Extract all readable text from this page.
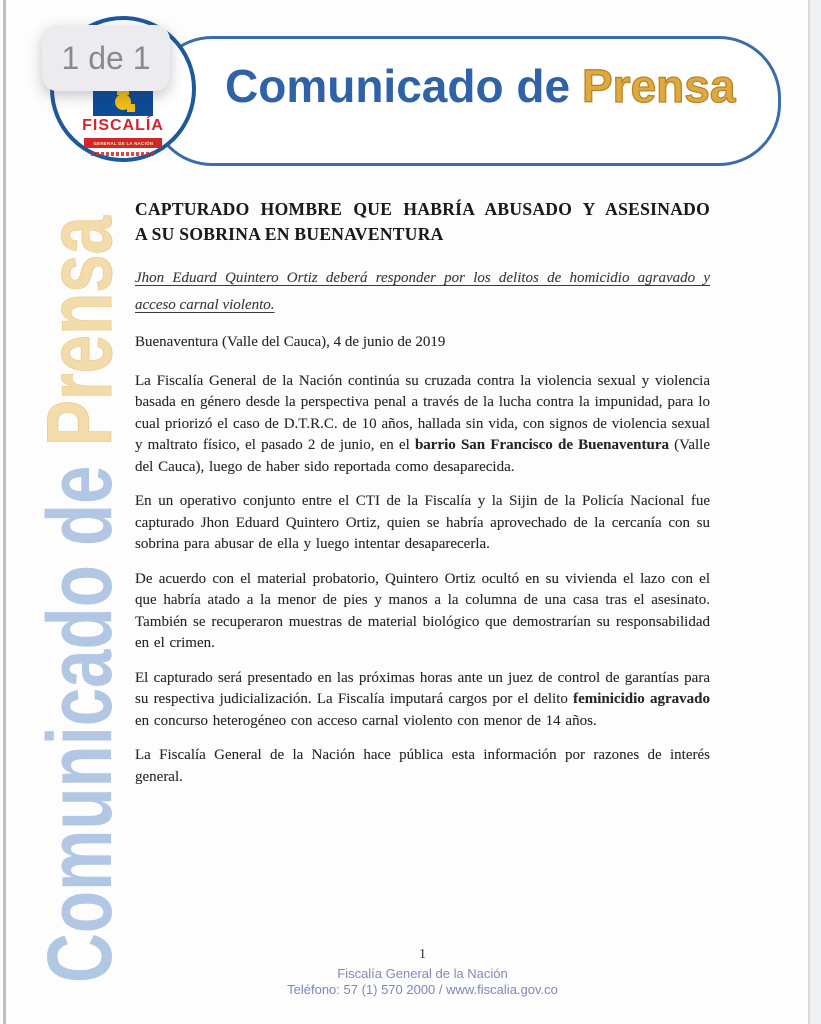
Comunicado dePrensa
Comunicado de Prensa
FISCALÍA
GENERAL DE LA NACIÓN
1 de 1
CAPTURADO HOMBRE QUE HABRÍA ABUSADO Y ASESINADO
A SU SOBRINA EN BUENAVENTURA
Jhon Eduard Quintero Ortiz deberá responder por los delitos de homicidio agravado y
acceso carnal violento.

Buenaventura (Valle del Cauca), 4 de junio de 2019

La Fiscalía General de la Nación continúa su cruzada contra la violencia sexual y violencia basada en género desde la perspectiva penal a través de la lucha contra la impunidad, para lo cual priorizó el caso de D.T.R.C. de 10 años, hallada sin vida, con signos de violencia sexual y maltrato físico, el pasado 2 de junio, en el barrio San Francisco de Buenaventura (Valle del Cauca), luego de haber sido reportada como desaparecida.

En un operativo conjunto entre el CTI de la Fiscalía y la Sijin de la Policía Nacional fue capturado Jhon Eduard Quintero Ortiz, quien se habría aprovechado de la cercanía con su sobrina para abusar de ella y luego intentar desaparecerla.

De acuerdo con el material probatorio, Quintero Ortiz ocultó en su vivienda el lazo con el que habría atado a la menor de pies y manos a la columna de una casa tras el asesinato. También se recuperaron muestras de material biológico que demostrarían su responsabilidad en el crimen.

El capturado será presentado en las próximas horas ante un juez de control de garantías para su respectiva judicialización. La Fiscalía imputará cargos por el delito feminicidio agravado en concurso heterogéneo con acceso carnal violento con menor de 14 años.

La Fiscalía General de la Nación hace pública esta información por razones de interés general.

1
Fiscalía General de la Nación
Teléfono: 57 (1) 570 2000 / www.fiscalia.gov.co
